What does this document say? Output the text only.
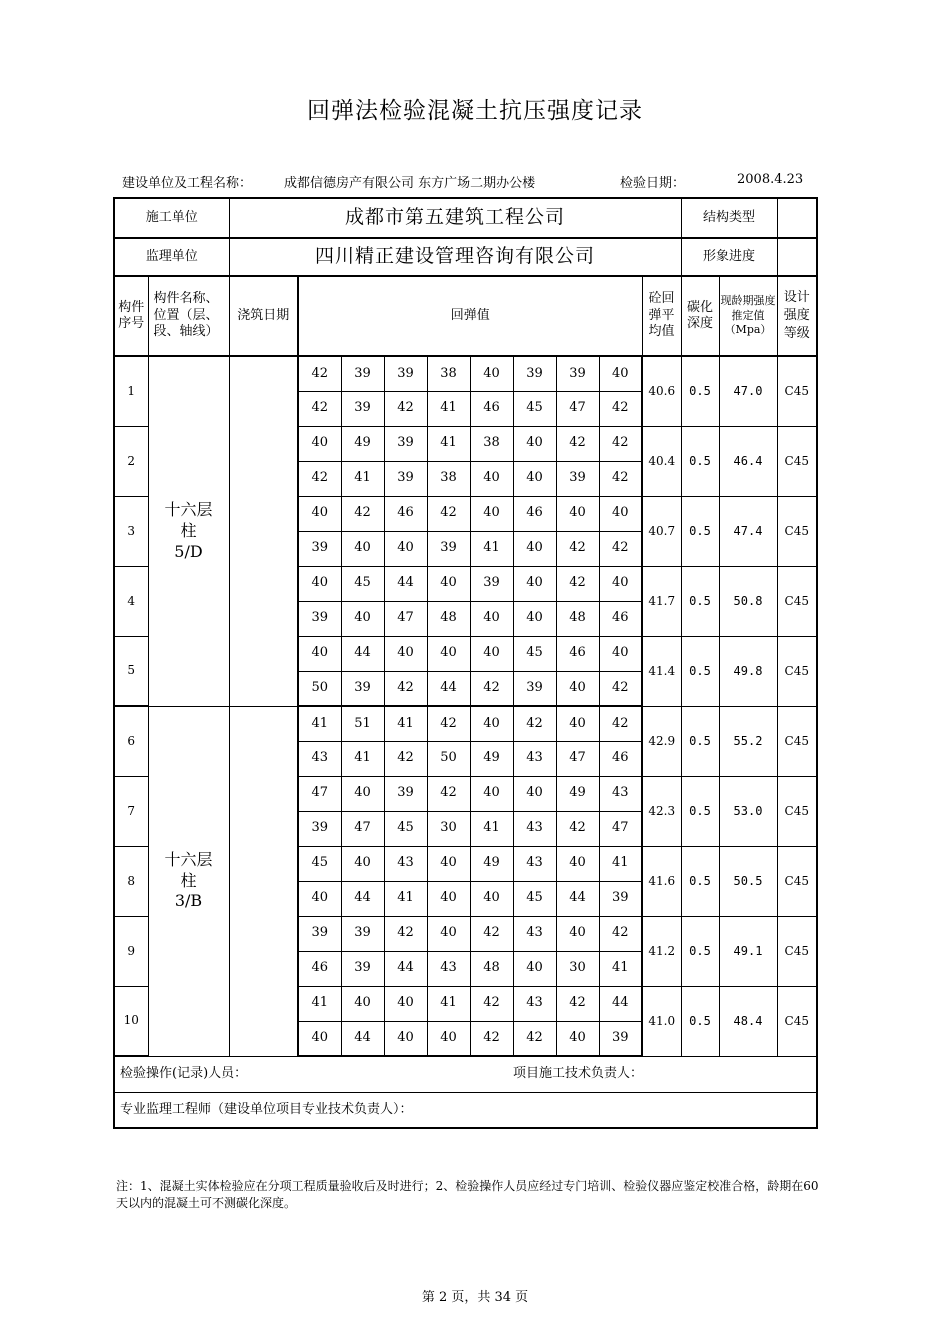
回弹法检验混凝土抗压强度记录
建设单位及工程名称： 成都信德房产有限公司 东方广场二期办公楼	检验日期：	2008.4.23
施工单位		成都市第五建筑工程公司										结构类型		
监理单位		四川精正建设管理咨询有限公司										形象进度		
构件序号	构件名称、位置（层、段、轴线）	浇筑日期	回弹值								砼回弹平均值	碳化深度	现龄期强度推定值（Mpa）	设计强度等级
1	十六层
柱
5/D		42	39	39	38	40	39	39	40	40.6	0.5	47.0	C45
			42	39	42	41	46	45	47	42				
2			40	49	39	41	38	40	42	42	40.4	0.5	46.4	C45
			42	41	39	38	40	40	39	42				
3			40	42	46	42	40	46	40	40	40.7	0.5	47.4	C45
			39	40	40	39	41	40	42	42				
4			40	45	44	40	39	40	42	40	41.7	0.5	50.8	C45
			39	40	47	48	40	40	48	46				
5			40	44	40	40	40	45	46	40	41.4	0.5	49.8	C45
			50	39	42	44	42	39	40	42				
6	十六层
柱
3/B		41	51	41	42	40	42	40	42	42.9	0.5	55.2	C45
			43	41	42	50	49	43	47	46				
7			47	40	39	42	40	40	49	43	42.3	0.5	53.0	C45
			39	47	45	30	41	43	42	47				
8			45	40	43	40	49	43	40	41	41.6	0.5	50.5	C45
			40	44	41	40	40	45	44	39				
9			39	39	42	40	42	43	40	42	41.2	0.5	49.1	C45
			46	39	44	43	48	40	30	41				
10			41	40	40	41	42	43	42	44	41.0	0.5	48.4	C45
			40	44	40	40	42	42	40	39				
检验操作(记录)人员：								项目施工技术负责人：						
专业监理工程师（建设单位项目专业技术负责人）：														
注：1、混凝土实体检验应在分项工程质量验收后及时进行；2、检验操作人员应经过专门培训、检验仪器应鉴定校准合格，龄期在60天以内的混凝土可不测碳化深度。
第 2 页，共 34 页
